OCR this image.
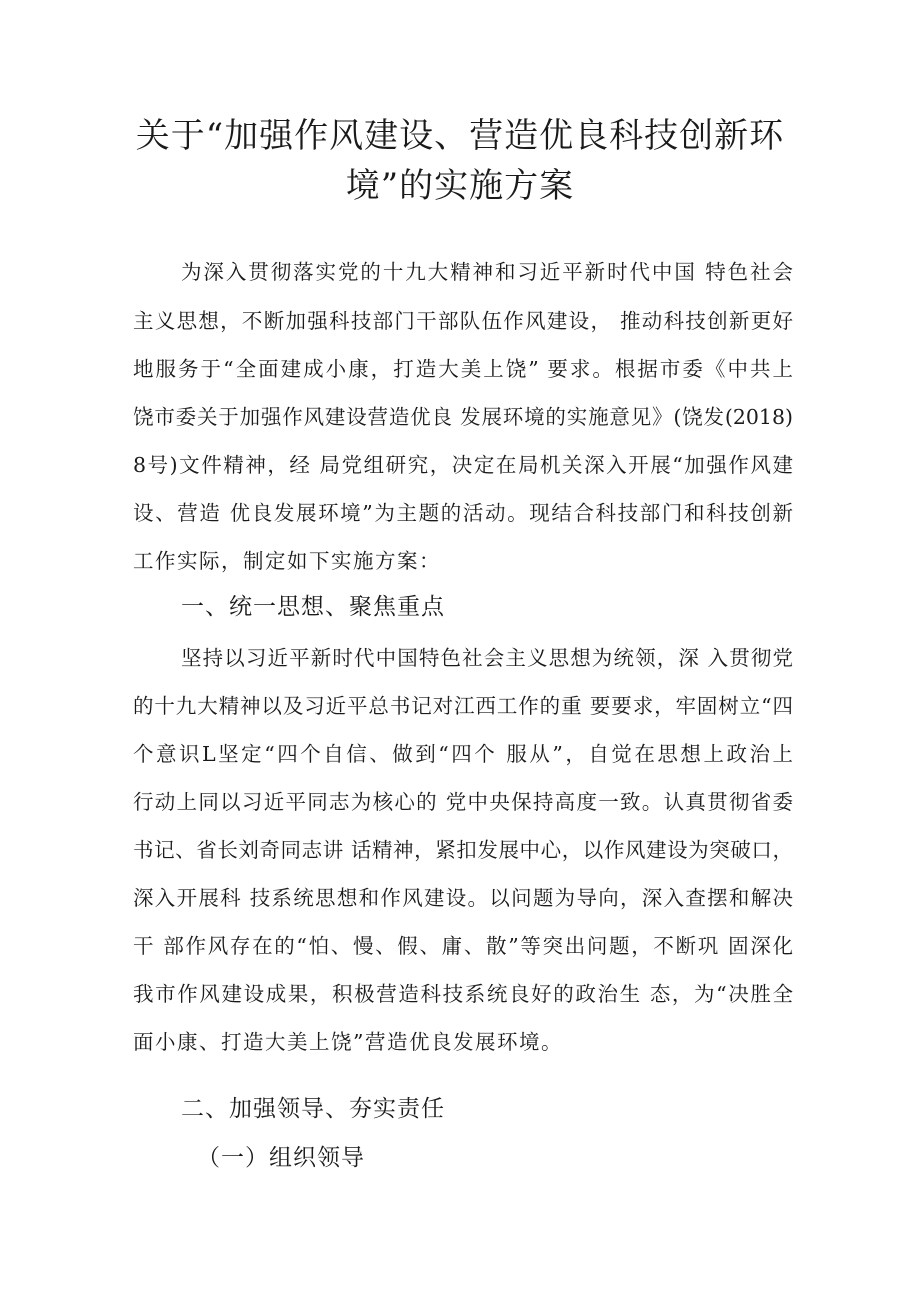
关于“加强作风建设、营造优良科技创新环
境”的实施方案

为深入贯彻落实党的十九大精神和习近平新时代中国 特色社会

主义思想，不断加强科技部门干部队伍作风建设， 推动科技创新更好

地服务于“全面建成小康，打造大美上饶” 要求。根据市委《中共上

饶市委关于加强作风建设营造优良 发展环境的实施意见》(饶发(2018)

8号)文件精神，经 局党组研究，决定在局机关深入开展“加强作风建

设、营造 优良发展环境”为主题的活动。现结合科技部门和科技创新

工作实际，制定如下实施方案：

一、统一思想、聚焦重点

坚持以习近平新时代中国特色社会主义思想为统领，深 入贯彻党

的十九大精神以及习近平总书记对江西工作的重 要要求，牢固树立“四

个意识L坚定“四个自信、做到“四个 服从”，自觉在思想上政治上

行动上同以习近平同志为核心的 党中央保持高度一致。认真贯彻省委

书记、省长刘奇同志讲 话精神，紧扣发展中心，以作风建设为突破口，

深入开展科 技系统思想和作风建设。以问题为导向，深入查摆和解决

干 部作风存在的“怕、慢、假、庸、散”等突出问题，不断巩 固深化

我市作风建设成果，积极营造科技系统良好的政治生 态，为“决胜全

面小康、打造大美上饶”营造优良发展环境。

二、加强领导、夯实责任
（一）组织领导
